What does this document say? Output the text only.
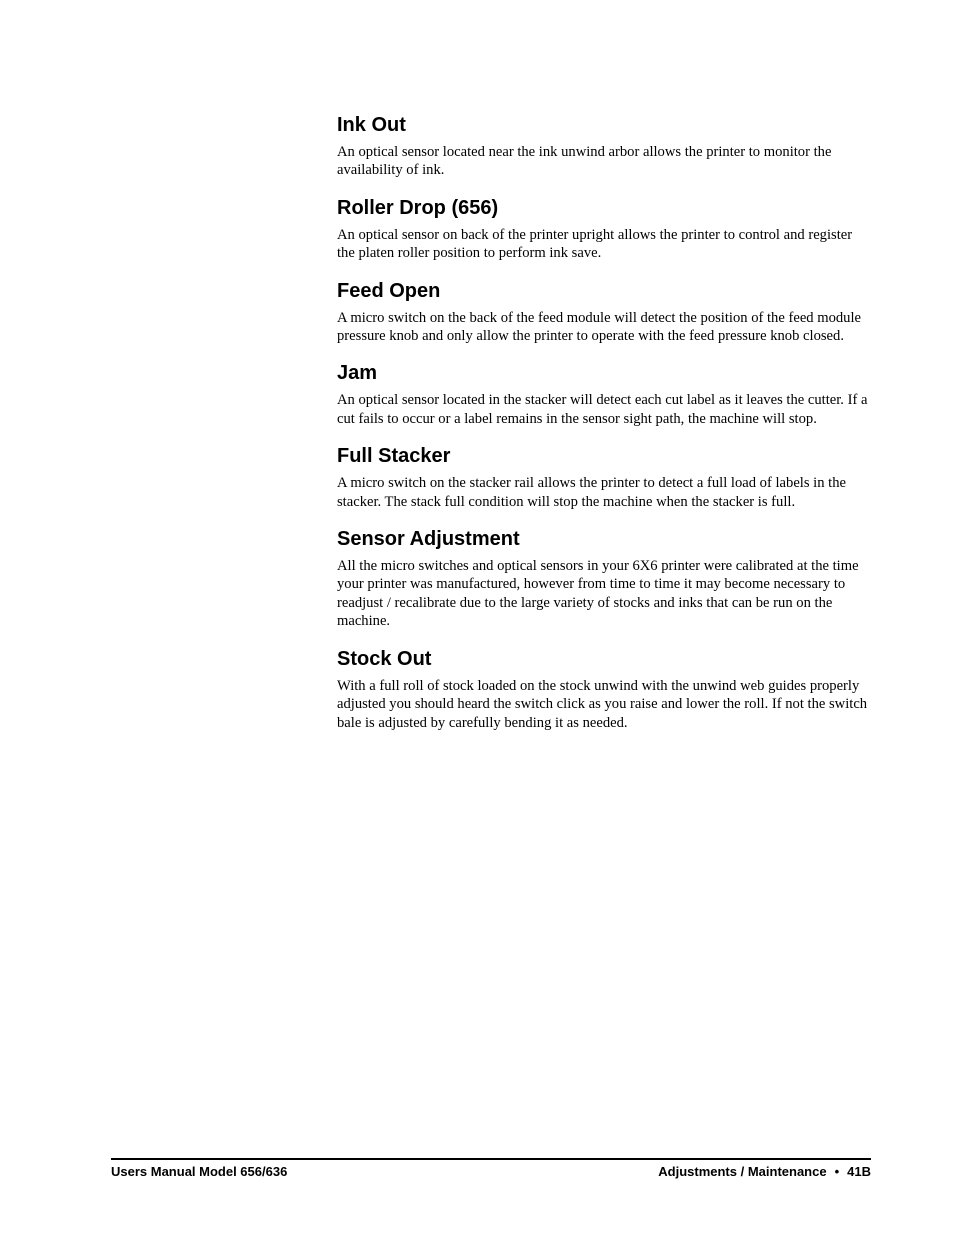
Ink Out

An optical sensor located near the ink unwind arbor allows the printer to monitor the availability of ink.

Roller Drop (656)

An optical sensor on back of the printer upright allows the printer to control and register the platen roller position to perform ink save.

Feed Open

A micro switch on the back of the feed module will detect the position of the feed module pressure knob and only allow the printer to operate with the feed pressure knob closed.

Jam

An optical sensor located in the stacker will detect each cut label as it leaves the cutter. If a cut fails to occur or a label remains in the sensor sight path, the machine will stop.

Full Stacker

A micro switch on the stacker rail allows the printer to detect a full load of labels in the stacker. The stack full condition will stop the machine when the stacker is full.

Sensor Adjustment

All the micro switches and optical sensors in your 6X6 printer were calibrated at the time your printer was manufactured, however from time to time it may become necessary to readjust / recalibrate due to the large variety of stocks and inks that can be run on the machine.

Stock Out

With a full roll of stock loaded on the stock unwind with the unwind web guides properly adjusted you should heard the switch click as you raise and lower the roll. If not the switch bale is adjusted by carefully bending it as needed.

Users Manual Model 656/636	Adjustments / Maintenance • 41B
